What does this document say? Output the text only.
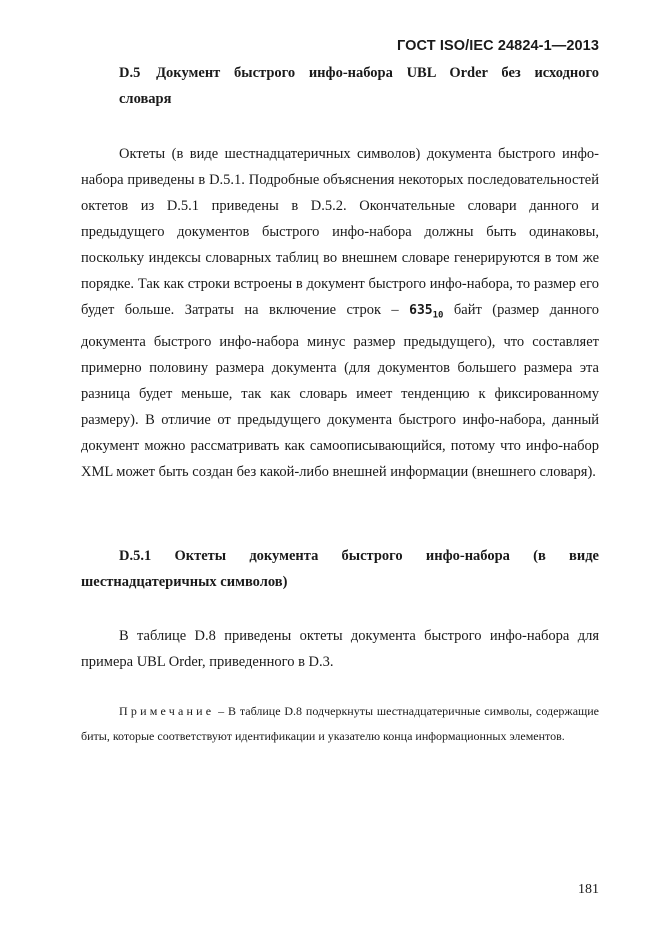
ГОСТ ISO/IEC 24824-1—2013
D.5 Документ быстрого инфо-набора UBL Order без исходного
словаря

Октеты (в виде шестнадцатеричных символов) документа быстрого инфо-набора приведены в D.5.1. Подробные объяснения некоторых последовательностей октетов из D.5.1 приведены в D.5.2. Окончательные словари данного и предыдущего документов быстрого инфо-набора должны быть одинаковы, поскольку индексы словарных таблиц во внешнем словаре генерируются в том же порядке. Так как строки встроены в документ быстрого инфо-набора, то размер его будет больше. Затраты на включение строк – $635_{10}$ байт (размер данного документа быстрого инфо-набора минус размер предыдущего), что составляет примерно половину размера документа (для документов большего размера эта разница будет меньше, так как словарь имеет тенденцию к фиксированному размеру). В отличие от предыдущего документа быстрого инфо-набора, данный документ можно рассматривать как самоописывающийся, потому что инфо-набор XML может быть создан без какой-либо внешней информации (внешнего словаря).

D.5.1 Октеты документа быстрого инфо-набора (в виде
шестнадцатеричных символов)

В таблице D.8 приведены октеты документа быстрого инфо-набора для примера UBL Order, приведенного в D.3.

Примечание – В таблице D.8 подчеркнуты шестнадцатеричные символы, содержащие биты, которые соответствуют идентификации и указателю конца информационных элементов.

181
